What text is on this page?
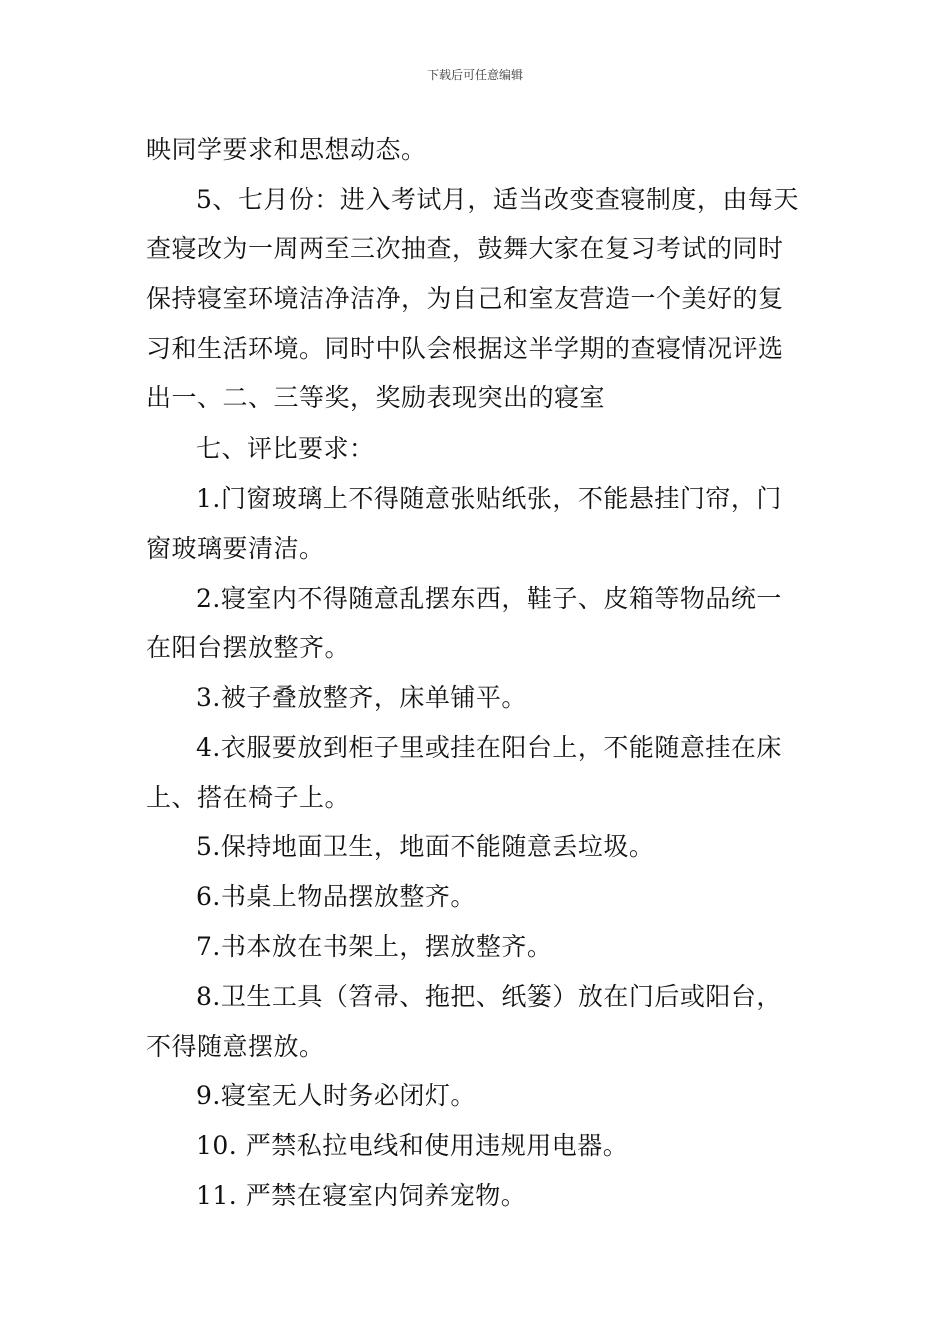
下载后可任意编辑
映同学要求和思想动态。
5、七月份：进入考试月，适当改变查寝制度，由每天
查寝改为一周两至三次抽查，鼓舞大家在复习考试的同时
保持寝室环境洁净洁净，为自己和室友营造一个美好的复
习和生活环境。同时中队会根据这半学期的查寝情况评选
出一、二、三等奖，奖励表现突出的寝室
七、评比要求：
1.门窗玻璃上不得随意张贴纸张，不能悬挂门帘，门
窗玻璃要清洁。
2.寝室内不得随意乱摆东西，鞋子、皮箱等物品统一
在阳台摆放整齐。
3.被子叠放整齐，床单铺平。
4.衣服要放到柜子里或挂在阳台上，不能随意挂在床
上、搭在椅子上。
5.保持地面卫生，地面不能随意丢垃圾。
6.书桌上物品摆放整齐。
7.书本放在书架上，摆放整齐。
8.卫生工具（笤帚、拖把、纸篓）放在门后或阳台，
不得随意摆放。
9.寝室无人时务必闭灯。
10. 严禁私拉电线和使用违规用电器。
11. 严禁在寝室内饲养宠物。
